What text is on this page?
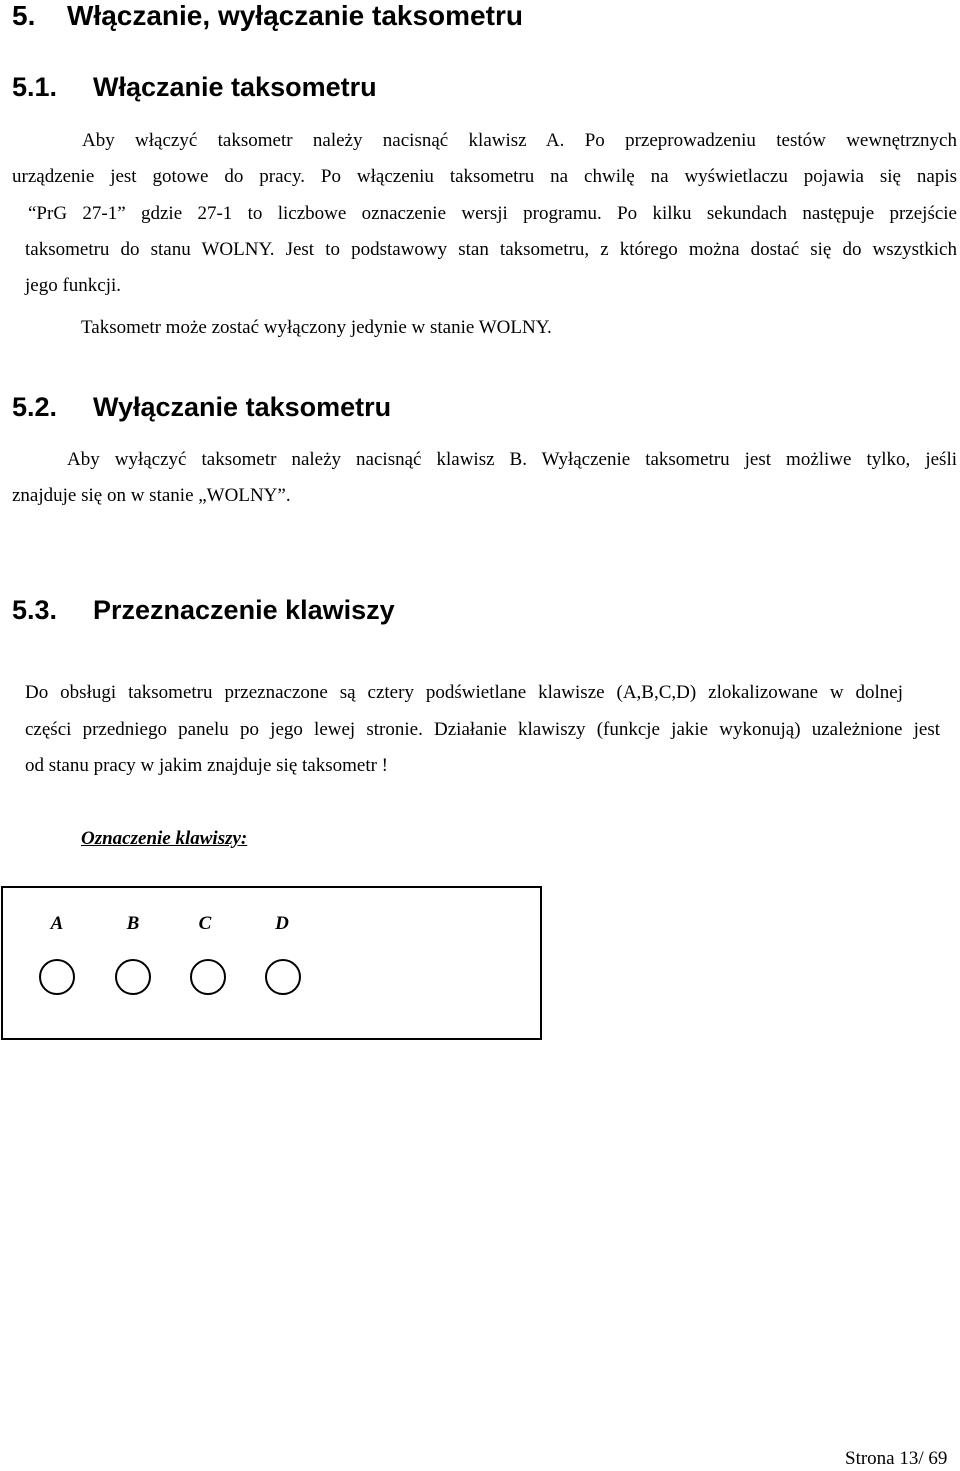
5. Włączanie, wyłączanie taksometru
5.1. Włączanie taksometru
Aby włączyć taksometr należy nacisnąć klawisz A. Po przeprowadzeniu testów wewnętrznych
urządzenie jest gotowe do pracy. Po włączeniu taksometru na chwilę na wyświetlaczu pojawia się napis
“PrG 27-1” gdzie 27-1 to liczbowe oznaczenie wersji programu. Po kilku sekundach następuje przejście
taksometru do stanu WOLNY. Jest to podstawowy stan taksometru, z którego można dostać się do wszystkich
jego funkcji.
Taksometr może zostać wyłączony jedynie w stanie WOLNY.
5.2. Wyłączanie taksometru
Aby wyłączyć taksometr należy nacisnąć klawisz B. Wyłączenie taksometru jest możliwe tylko, jeśli
znajduje się on w stanie „WOLNY”.
5.3. Przeznaczenie klawiszy
Do obsługi taksometru przeznaczone są cztery podświetlane klawisze (A,B,C,D) zlokalizowane w dolnej
części przedniego panelu po jego lewej stronie. Działanie klawiszy (funkcje jakie wykonują) uzależnione jest
od stanu pracy w jakim znajduje się taksometr !
Oznaczenie klawiszy:
A	B	C	D
Strona 13/ 69
